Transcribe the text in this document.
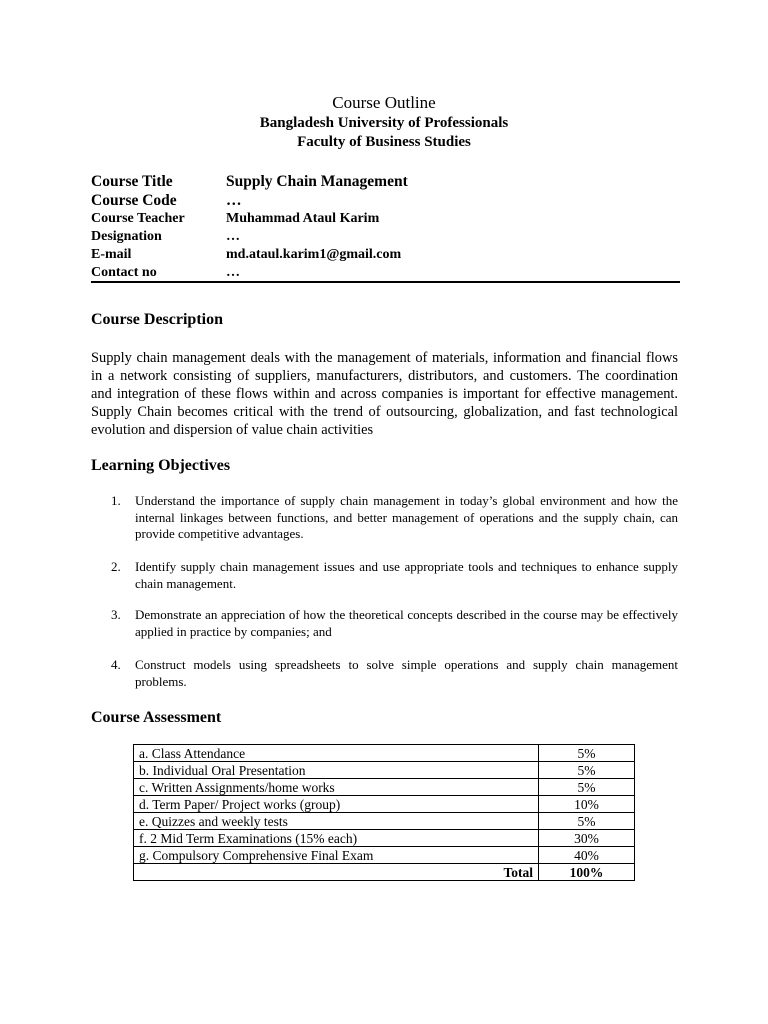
Course Outline
Bangladesh University of Professionals
Faculty of Business Studies
Course Title	Supply Chain Management
Course Code	…
Course Teacher	Muhammad Ataul Karim
Designation	…
E-mail	md.ataul.karim1@gmail.com
Contact no	…
Course Description

Supply chain management deals with the management of materials, information and financial flows in a network consisting of suppliers, manufacturers, distributors, and customers. The coordination and integration of these flows within and across companies is important for effective management. Supply Chain becomes critical with the trend of outsourcing, globalization, and fast technological evolution and dispersion of value chain activities

Learning Objectives
1. Understand the importance of supply chain management in today’s global environment and how the internal linkages between functions, and better management of operations and the supply chain, can provide competitive advantages.
2. Identify supply chain management issues and use appropriate tools and techniques to enhance supply chain management.
3. Demonstrate an appreciation of how the theoretical concepts described in the course may be effectively applied in practice by companies; and
4. Construct models using spreadsheets to solve simple operations and supply chain management problems.
Course Assessment
a. Class Attendance	5%
b. Individual Oral Presentation	5%
c. Written Assignments/home works	5%
d. Term Paper/ Project works (group)	10%
e. Quizzes and weekly tests	5%
f. 2 Mid Term Examinations (15% each)	30%
g. Compulsory Comprehensive Final Exam	40%
Total	100%
